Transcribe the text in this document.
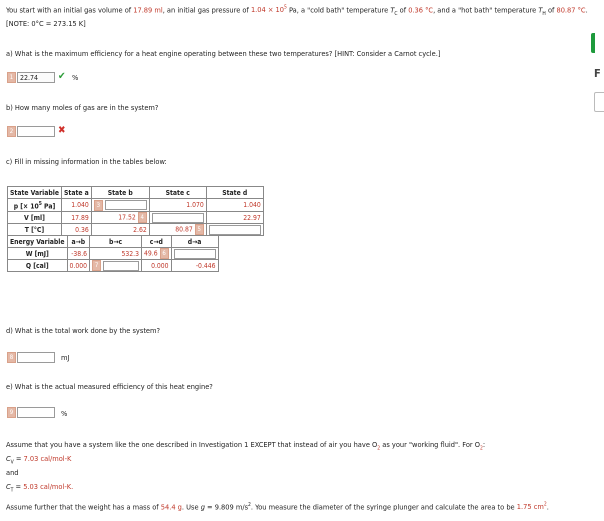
You start with an initial gas volume of 17.89 ml, an initial gas pressure of $1.04 \times 10^5$ Pa, a "cold bath" temperature $T_C$ of 0.36 °C, and a "hot bath" temperature $T_H$ of 80.87 °C.
[NOTE: 0°C = 273.15 K]
a) What is the maximum efficiency for a heat engine operating between these two temperatures? [HINT: Consider a Carnot cycle.]
1 22.74	✔ %
b) How many moles of gas are in the system?
2	✖
c) Fill in missing information in the tables below:
State Variable	State a	State b	State c	State d
p [× $10^5$ Pa]	1.040	3	1.070	1.040
V [ml]	17.89	17.52 4		22.97
T [°C]	0.36	2.62	80.87 5	
Energy Variable	a→b	b→c	c→d	d→a
W [mJ]	-38.6	532.3	49.6 6	
Q [cal]	0.000	7	0.000	-0.446
d) What is the total work done by the system?
8	mJ
e) What is the actual measured efficiency of this heat engine?
9	%
Assume that you have a system like the one described in Investigation 1 EXCEPT that instead of air you have $O_2$ as your "working fluid". For $O_2$:
$C_V = 7.03$ cal/mol-K
and
$C_T = 5.03$ cal/mol-K.
Assume further that the weight has a mass of 54.4 g. Use g = 9.809 $m/s^2$. You measure the diameter of the syringe plunger and calculate the area to be 1.75 $cm^2$.
F
